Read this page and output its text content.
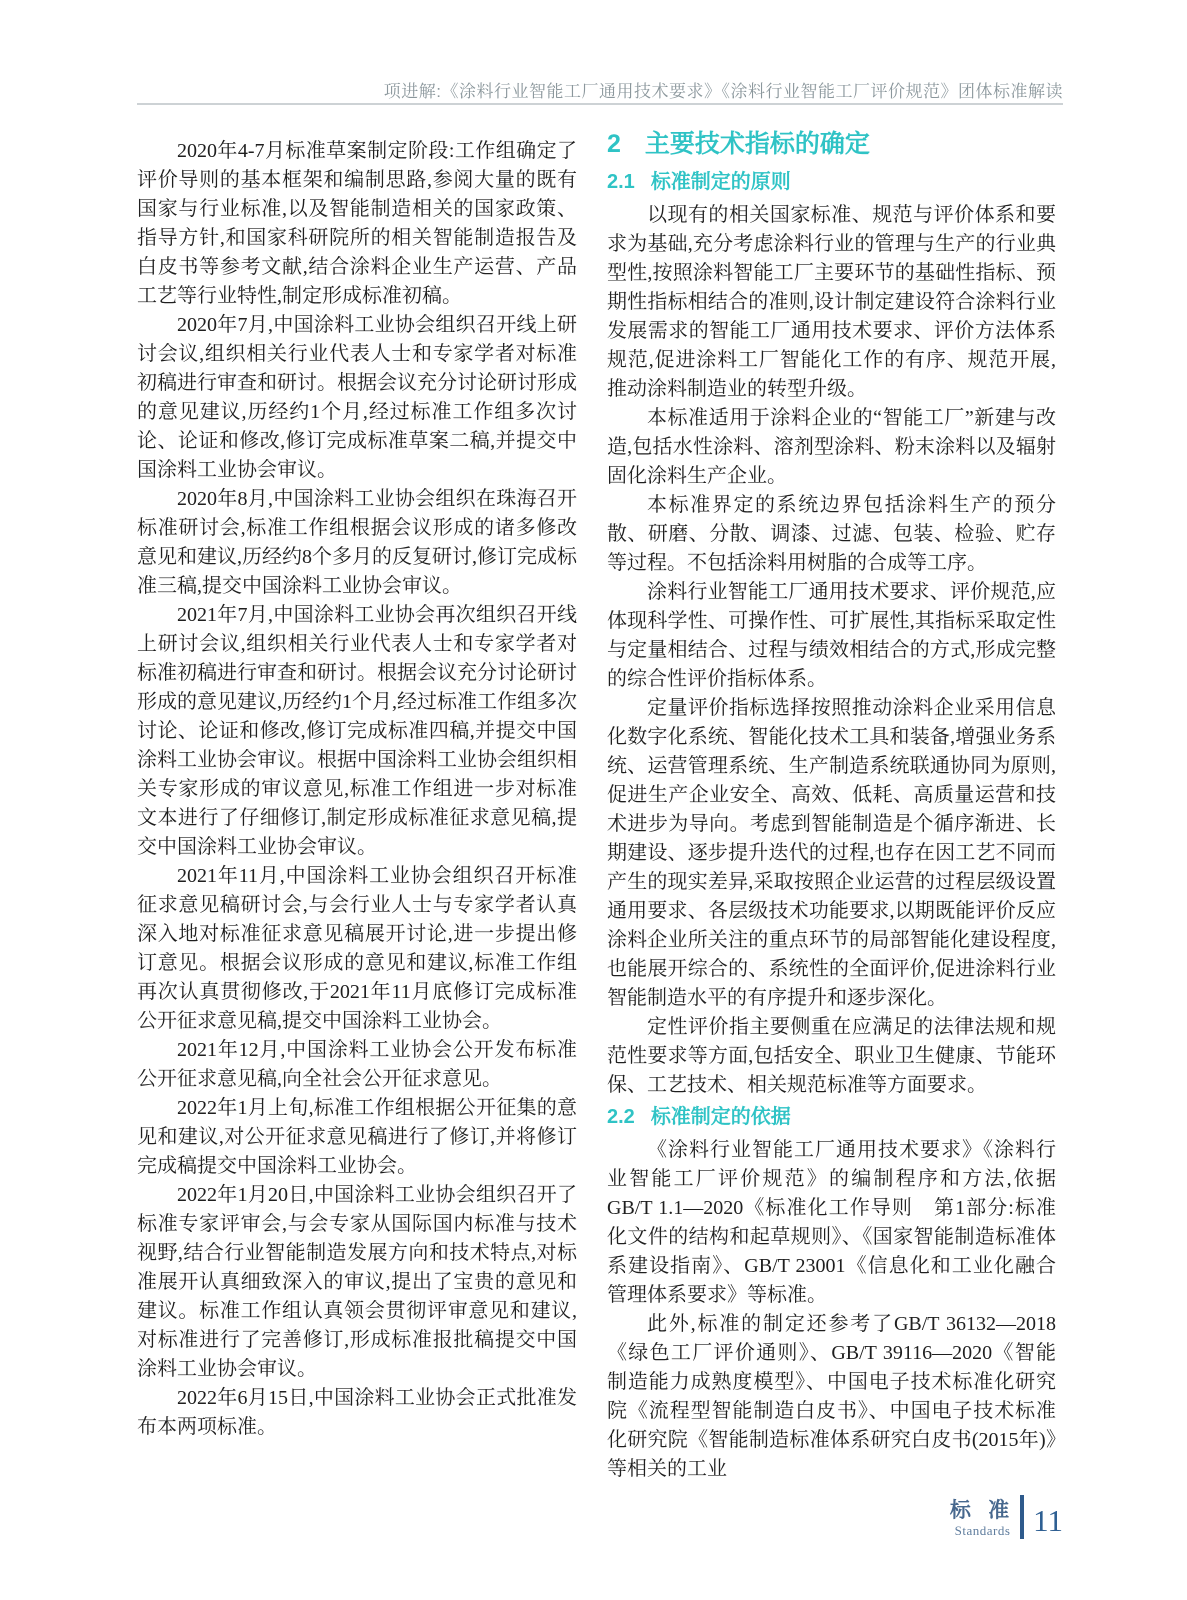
项进解:《涂料行业智能工厂通用技术要求》《涂料行业智能工厂评价规范》团体标准解读

2020年4-7月标准草案制定阶段:工作组确定了评价导则的基本框架和编制思路,参阅大量的既有国家与行业标准,以及智能制造相关的国家政策、指导方针,和国家科研院所的相关智能制造报告及白皮书等参考文献,结合涂料企业生产运营、产品工艺等行业特性,制定形成标准初稿。

2020年7月,中国涂料工业协会组织召开线上研讨会议,组织相关行业代表人士和专家学者对标准初稿进行审查和研讨。根据会议充分讨论研讨形成的意见建议,历经约1个月,经过标准工作组多次讨论、论证和修改,修订完成标准草案二稿,并提交中国涂料工业协会审议。

2020年8月,中国涂料工业协会组织在珠海召开标准研讨会,标准工作组根据会议形成的诸多修改意见和建议,历经约8个多月的反复研讨,修订完成标准三稿,提交中国涂料工业协会审议。

2021年7月,中国涂料工业协会再次组织召开线上研讨会议,组织相关行业代表人士和专家学者对标准初稿进行审查和研讨。根据会议充分讨论研讨形成的意见建议,历经约1个月,经过标准工作组多次讨论、论证和修改,修订完成标准四稿,并提交中国涂料工业协会审议。根据中国涂料工业协会组织相关专家形成的审议意见,标准工作组进一步对标准文本进行了仔细修订,制定形成标准征求意见稿,提交中国涂料工业协会审议。

2021年11月,中国涂料工业协会组织召开标准征求意见稿研讨会,与会行业人士与专家学者认真深入地对标准征求意见稿展开讨论,进一步提出修订意见。根据会议形成的意见和建议,标准工作组再次认真贯彻修改,于2021年11月底修订完成标准公开征求意见稿,提交中国涂料工业协会。

2021年12月,中国涂料工业协会公开发布标准公开征求意见稿,向全社会公开征求意见。

2022年1月上旬,标准工作组根据公开征集的意见和建议,对公开征求意见稿进行了修订,并将修订完成稿提交中国涂料工业协会。

2022年1月20日,中国涂料工业协会组织召开了标准专家评审会,与会专家从国际国内标准与技术视野,结合行业智能制造发展方向和技术特点,对标准展开认真细致深入的审议,提出了宝贵的意见和建议。标准工作组认真领会贯彻评审意见和建议,对标准进行了完善修订,形成标准报批稿提交中国涂料工业协会审议。

2022年6月15日,中国涂料工业协会正式批准发布本两项标准。

2 主要技术指标的确定
2.1 标准制定的原则

以现有的相关国家标准、规范与评价体系和要求为基础,充分考虑涂料行业的管理与生产的行业典型性,按照涂料智能工厂主要环节的基础性指标、预期性指标相结合的准则,设计制定建设符合涂料行业发展需求的智能工厂通用技术要求、评价方法体系规范,促进涂料工厂智能化工作的有序、规范开展,推动涂料制造业的转型升级。

本标准适用于涂料企业的“智能工厂”新建与改造,包括水性涂料、溶剂型涂料、粉末涂料以及辐射固化涂料生产企业。

本标准界定的系统边界包括涂料生产的预分散、研磨、分散、调漆、过滤、包装、检验、贮存等过程。不包括涂料用树脂的合成等工序。

涂料行业智能工厂通用技术要求、评价规范,应体现科学性、可操作性、可扩展性,其指标采取定性与定量相结合、过程与绩效相结合的方式,形成完整的综合性评价指标体系。

定量评价指标选择按照推动涂料企业采用信息化数字化系统、智能化技术工具和装备,增强业务系统、运营管理系统、生产制造系统联通协同为原则,促进生产企业安全、高效、低耗、高质量运营和技术进步为导向。考虑到智能制造是个循序渐进、长期建设、逐步提升迭代的过程,也存在因工艺不同而产生的现实差异,采取按照企业运营的过程层级设置通用要求、各层级技术功能要求,以期既能评价反应涂料企业所关注的重点环节的局部智能化建设程度,也能展开综合的、系统性的全面评价,促进涂料行业智能制造水平的有序提升和逐步深化。

定性评价指主要侧重在应满足的法律法规和规范性要求等方面,包括安全、职业卫生健康、节能环保、工艺技术、相关规范标准等方面要求。

2.2 标准制定的依据

《涂料行业智能工厂通用技术要求》《涂料行业智能工厂评价规范》的编制程序和方法,依据GB/T 1.1—2020《标准化工作导则　第1部分:标准化文件的结构和起草规则》、《国家智能制造标准体系建设指南》、GB/T 23001《信息化和工业化融合管理体系要求》等标准。

此外,标准的制定还参考了GB/T 36132—2018《绿色工厂评价通则》、GB/T 39116—2020《智能制造能力成熟度模型》、中国电子技术标准化研究院《流程型智能制造白皮书》、中国电子技术标准化研究院《智能制造标准体系研究白皮书(2015年)》等相关的工业

标 准
Standards 11
